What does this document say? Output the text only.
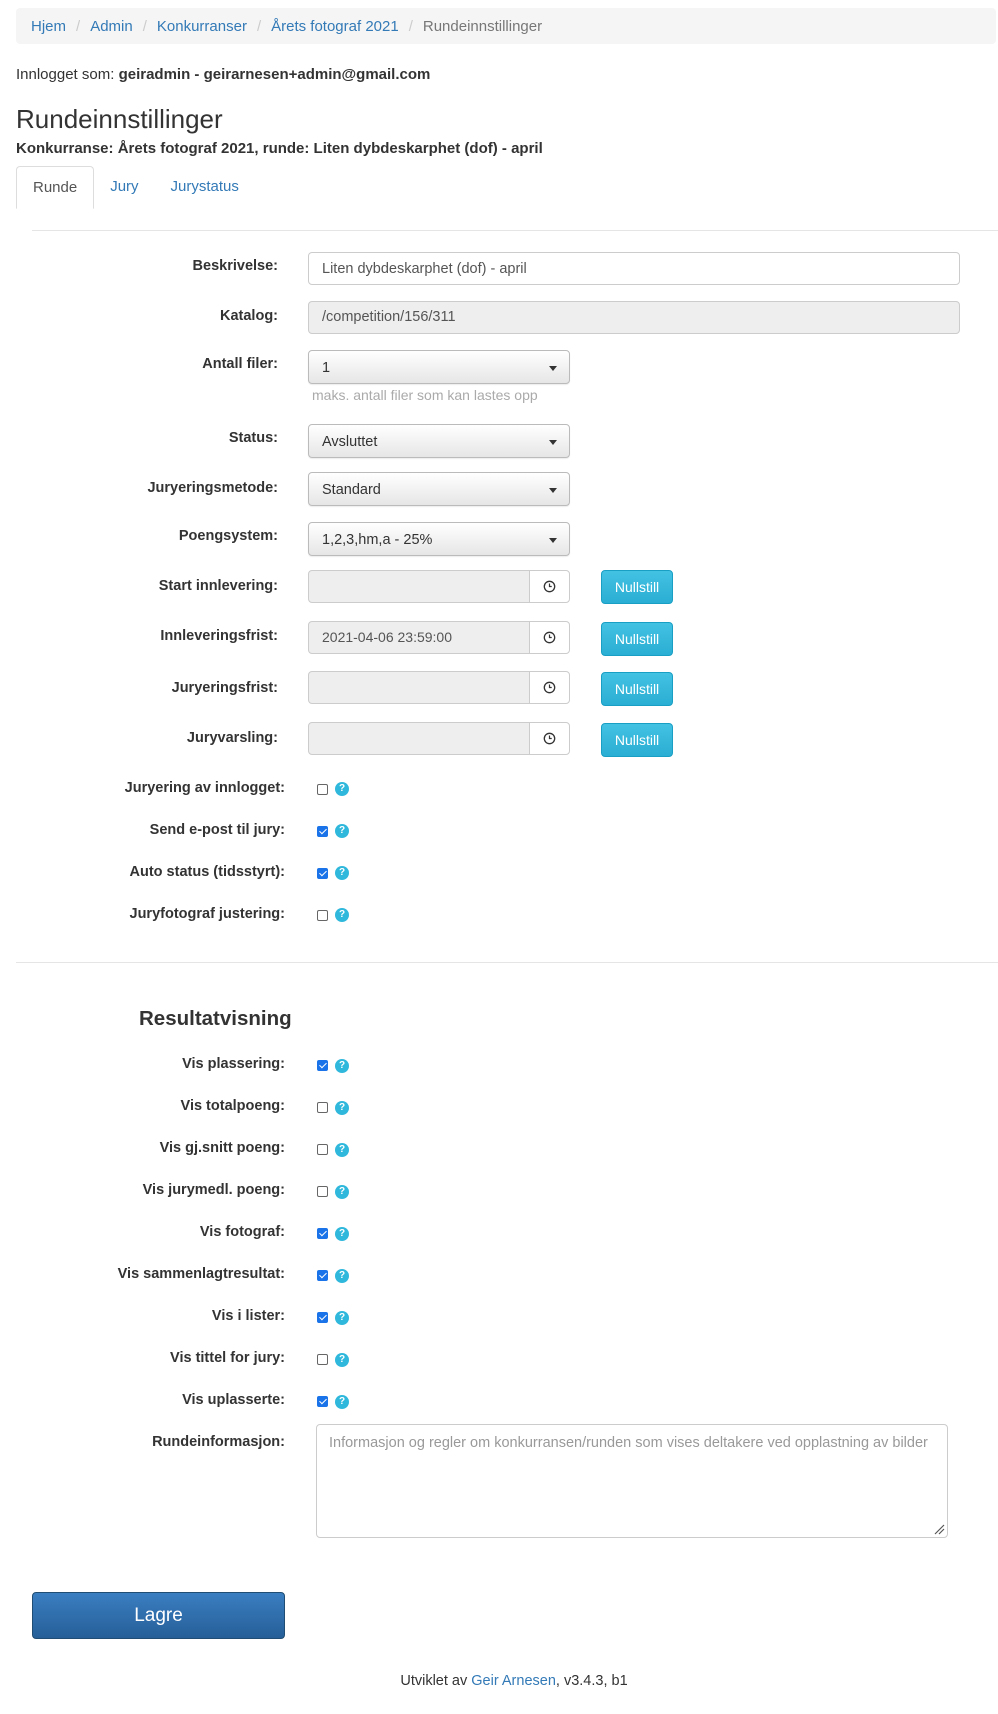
Hjem / Admin / Konkurranser / Årets fotograf 2021 / Rundeinnstillinger
Innlogget som: geiradmin - geirarnesen+admin@gmail.com
Rundeinnstillinger
Konkurranse: Årets fotograf 2021, runde: Liten dybdeskarphet (dof) - april
Runde	Jury	Jurystatus
Beskrivelse:
Liten dybdeskarphet (dof) - april
Katalog:	/competition/156/311
Antall filer:	1
maks. antall filer som kan lastes opp
Status:	Avsluttet
Juryeringsmetode:	Standard
Poengsystem:	1,2,3,hm,a - 25%
Start innlevering:	Nullstill
Innleveringsfrist:	2021-04-06 23:59:00	Nullstill
Juryeringsfrist:	Nullstill
Juryvarsling:	Nullstill
Juryering av innlogget:	?
Send e-post til jury:	?
Auto status (tidsstyrt):	?
Juryfotograf justering:	?
Resultatvisning
Vis plassering:	?
Vis totalpoeng:	?
Vis gj.snitt poeng:	?
Vis jurymedl. poeng:	?
Vis fotograf:	?
Vis sammenlagtresultat:	?
Vis i lister:	?
Vis tittel for jury:	?
Vis uplasserte:	?
Rundeinformasjon:	Informasjon og regler om konkurransen/runden som vises deltakere ved opplastning av bilder
Lagre
Utviklet av Geir Arnesen, v3.4.3, b1
